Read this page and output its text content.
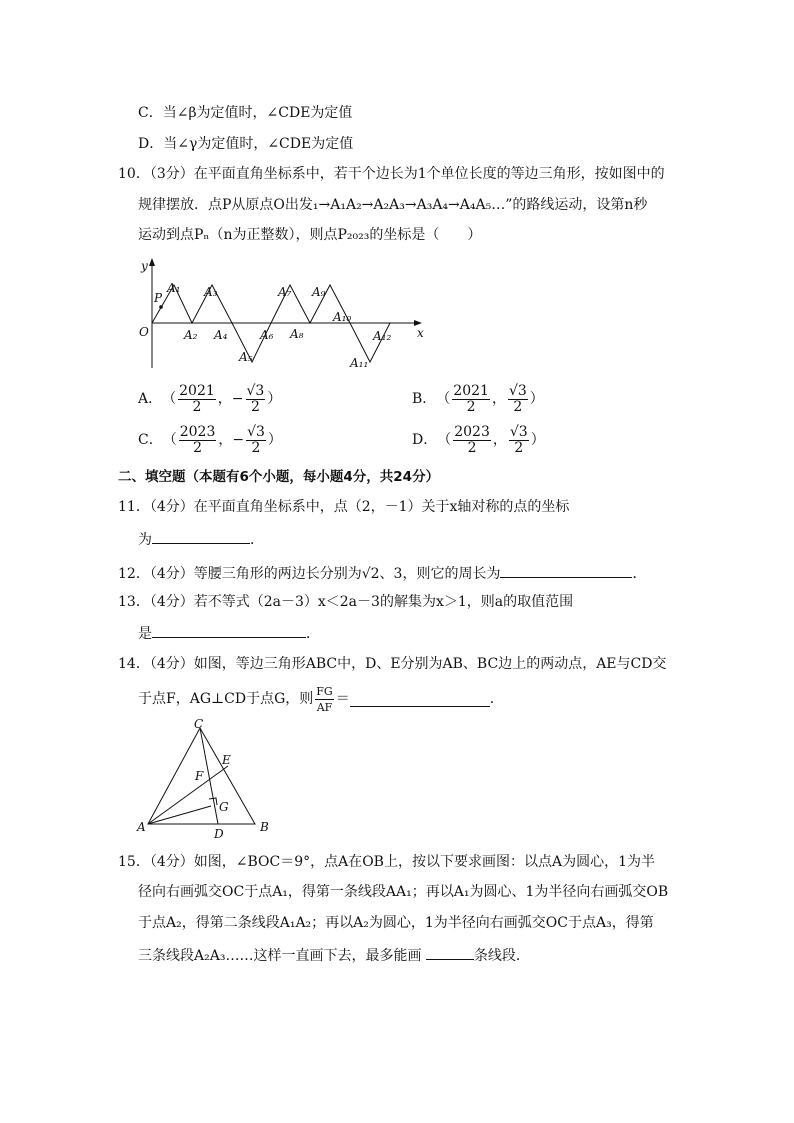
C．当∠β为定值时，∠CDE为定值
D．当∠γ为定值时，∠CDE为定值
10．（3分）在平面直角坐标系中，若干个边长为1个单位长度的等边三角形，按如图中的
规律摆放．点P从原点O出发₁→A₁A₂→A₂A₃→A₃A₄→A₄A₅…”的路线运动，设第n秒
运动到点Pₙ（n为正整数），则点P₂₀₂₃的坐标是（　　）
y
x
O
P
A₁
A₂
A₃
A₄
A₅
A₆
A₇
A₈
A₉
A₁₀
A₁₁
A₁₂
A． （ $\frac{2021}{2}$ ， − $\frac{√3}{2}$ ）	B． （ $\frac{2021}{2}$ ， $\frac{√3}{2}$ ）
C． （ $\frac{2023}{2}$ ， − $\frac{√3}{2}$ ）	D． （ $\frac{2023}{2}$ ， $\frac{√3}{2}$ ）
二、填空题（本题有6个小题，每小题4分，共24分）
11．（4分）在平面直角坐标系中，点（2，－1）关于x轴对称的点的坐标
为	．
12．（4分）等腰三角形的两边长分别为√2、3，则它的周长为	．
13．（4分）若不等式（2a－3）x＜2a－3的解集为x＞1，则a的取值范围
是	．
14．（4分）如图，等边三角形ABC中，D、E分别为AB、BC边上的两动点，AE与CD交
于点F，AG⊥CD于点G，则 $\frac{FG}{AF}$ ＝	．
C
A	B
D
E
F
G
15．（4分）如图，∠BOC＝9°，点A在OB上，按以下要求画图：以点A为圆心，1为半
径向右画弧交OC于点A₁，得第一条线段AA₁；再以A₁为圆心、1为半径向右画弧交OB
于点A₂，得第二条线段A₁A₂；再以A₂为圆心，1为半径向右画弧交OC于点A₃，得第
三条线段A₂A₃……这样一直画下去，最多能画	条线段．
